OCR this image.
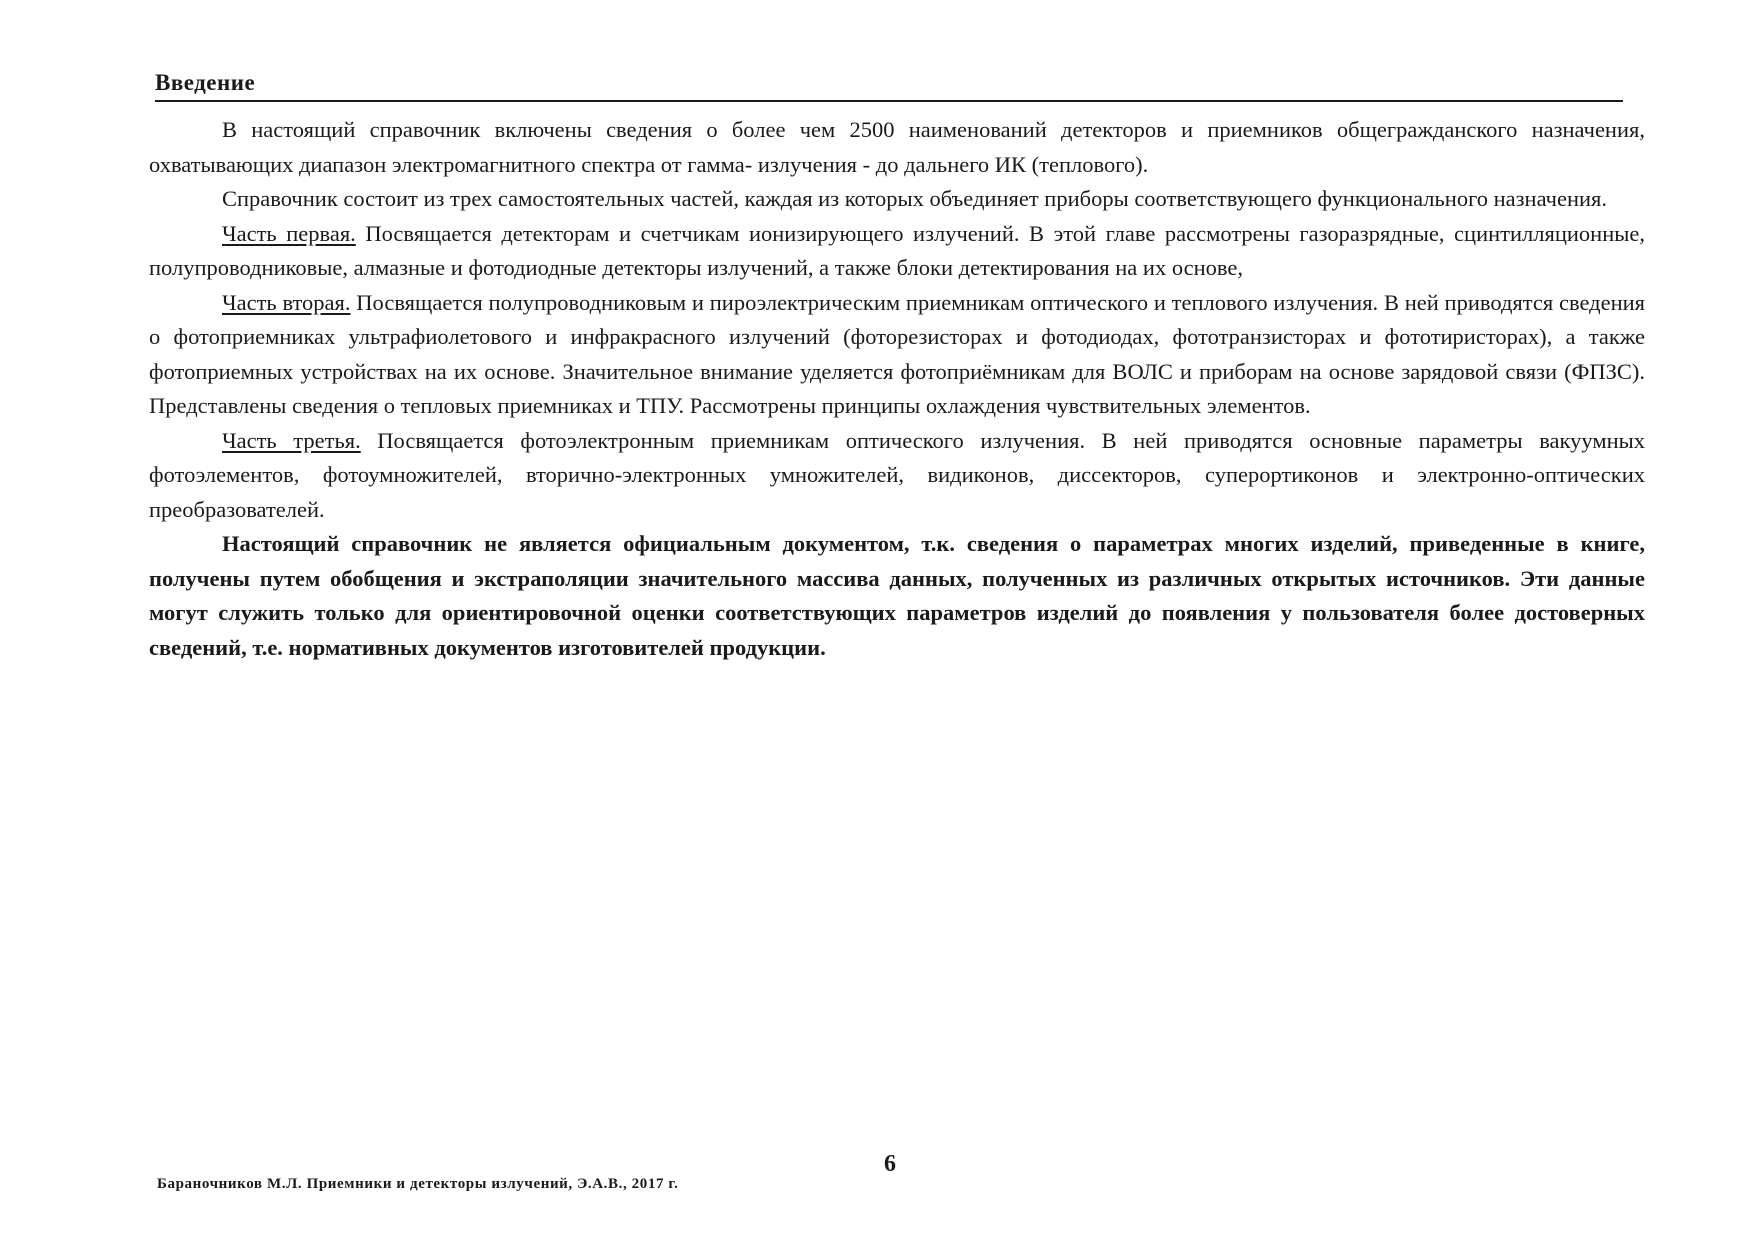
Введение

В настоящий справочник включены сведения о более чем 2500 наименований детекторов и приемников общегражданского назначения, охватывающих диапазон электромагнитного спектра от гамма- излучения - до дальнего ИК (теплового).

Справочник состоит из трех самостоятельных частей, каждая из которых объединяет приборы соответствующего функционального назначения.

Часть первая. Посвящается детекторам и счетчикам ионизирующего излучений. В этой главе рассмотрены газоразрядные, сцинтилляционные, полупроводниковые, алмазные и фотодиодные детекторы излучений, а также блоки детектирования на их основе,

Часть вторая. Посвящается полупроводниковым и пироэлектрическим приемникам оптического и теплового излучения. В ней приводятся сведения о фотоприемниках ультрафиолетового и инфракрасного излучений (фоторезисторах и фотодиодах, фототранзисторах и фототиристорах), а также фотоприемных устройствах на их основе. Значительное внимание уделяется фотоприёмникам для ВОЛС и приборам на основе зарядовой связи (ФПЗС). Представлены сведения о тепловых приемниках и ТПУ. Рассмотрены принципы охлаждения чувствительных элементов.

Часть третья. Посвящается фотоэлектронным приемникам оптического излучения. В ней приводятся основные параметры вакуумных фотоэлементов, фотоумножителей, вторично-электронных умножителей, видиконов, диссекторов, суперортиконов и электронно-оптических преобразователей.

Настоящий справочник не является официальным документом, т.к. сведения о параметрах многих изделий, приведенные в книге, получены путем обобщения и экстраполяции значительного массива данных, полученных из различных открытых источников. Эти данные могут служить только для ориентировочной оценки соответствующих параметров изделий до появления у пользователя более достоверных сведений, т.е. нормативных документов изготовителей продукции.

6
Бараночников М.Л. Приемники и детекторы излучений, Э.А.В., 2017 г.
